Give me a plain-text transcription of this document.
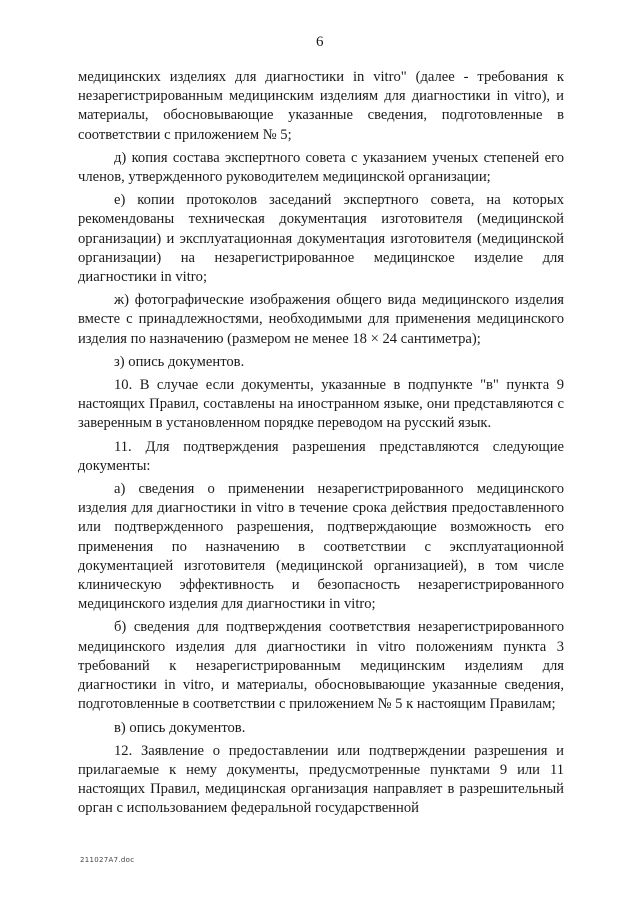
6

медицинских изделиях для диагностики in vitro" (далее - требования к незарегистрированным медицинским изделиям для диагностики in vitro), и материалы, обосновывающие указанные сведения, подготовленные в соответствии с приложением № 5;

д) копия состава экспертного совета с указанием ученых степеней его членов, утвержденного руководителем медицинской организации;

е) копии протоколов заседаний экспертного совета, на которых рекомендованы техническая документация изготовителя (медицинской организации) и эксплуатационная документация изготовителя (медицинской организации) на незарегистрированное медицинское изделие для диагностики in vitro;

ж) фотографические изображения общего вида медицинского изделия вместе с принадлежностями, необходимыми для применения медицинского изделия по назначению (размером не менее 18 × 24 сантиметра);

з) опись документов.

10. В случае если документы, указанные в подпункте "в" пункта 9 настоящих Правил, составлены на иностранном языке, они представляются с заверенным в установленном порядке переводом на русский язык.

11. Для подтверждения разрешения представляются следующие документы:

а) сведения о применении незарегистрированного медицинского изделия для диагностики in vitro в течение срока действия предоставленного или подтвержденного разрешения, подтверждающие возможность его применения по назначению в соответствии с эксплуатационной документацией изготовителя (медицинской организацией), в том числе клиническую эффективность и безопасность незарегистрированного медицинского изделия для диагностики in vitro;

б) сведения для подтверждения соответствия незарегистрированного медицинского изделия для диагностики in vitro положениям пункта 3 требований к незарегистрированным медицинским изделиям для диагностики in vitro, и материалы, обосновывающие указанные сведения, подготовленные в соответствии с приложением № 5 к настоящим Правилам;

в) опись документов.

12. Заявление о предоставлении или подтверждении разрешения и прилагаемые к нему документы, предусмотренные пунктами 9 или 11 настоящих Правил, медицинская организация направляет в разрешительный орган с использованием федеральной государственной

211027А7.doc
